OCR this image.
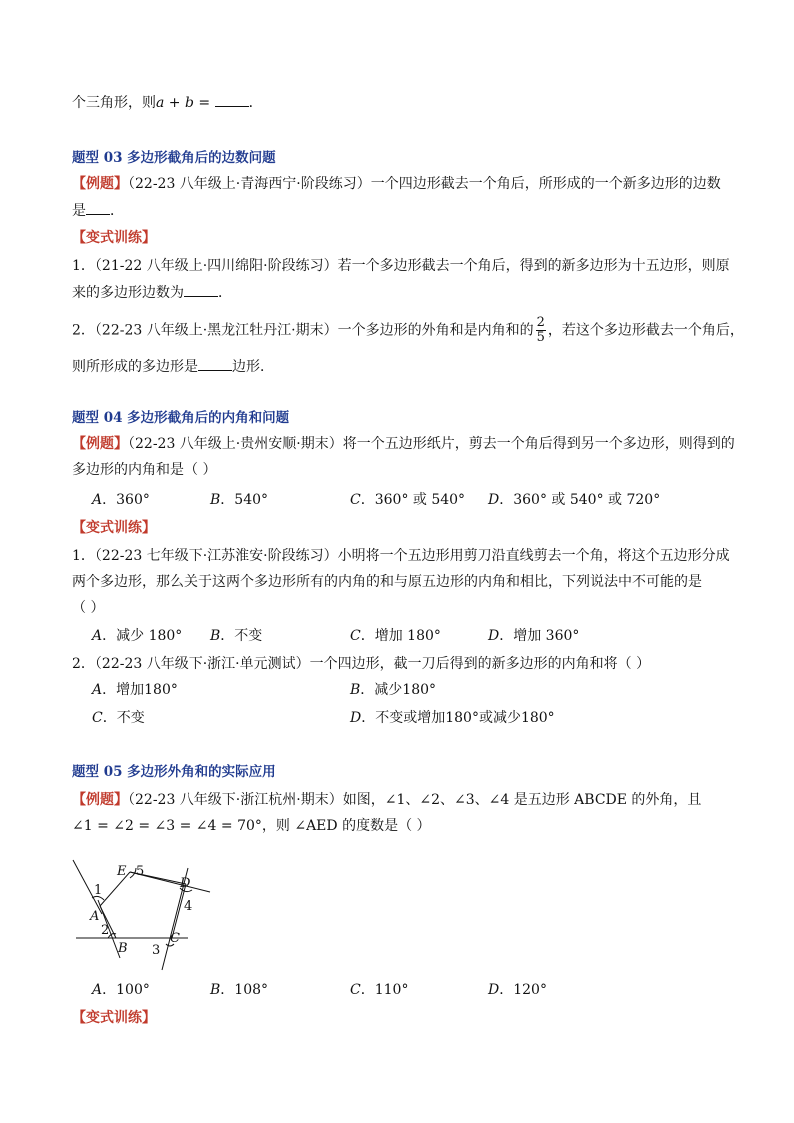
个三角形，则a + b = ．
题型 03 多边形截角后的边数问题
【例题】（22-23 八年级上·青海西宁·阶段练习）一个四边形截去一个角后，所形成的一个新多边形的边数
是 ．
【变式训练】
1．（21-22 八年级上·四川绵阳·阶段练习）若一个多边形截去一个角后，得到的新多边形为十五边形，则原
来的多边形边数为 ．
2．（22-23 八年级上·黑龙江牡丹江·期末）一个多边形的外角和是内角和的 $\frac{2}{5}$ ，若这个多边形截去一个角后，
则所形成的多边形是 边形．
题型 04 多边形截角后的内角和问题
【例题】（22-23 八年级上·贵州安顺·期末）将一个五边形纸片，剪去一个角后得到另一个多边形，则得到的
多边形的内角和是（ ）
A．360°	B．540°	C．360° 或 540° D．360° 或 540° 或 720°
【变式训练】
1．（22-23 七年级下·江苏淮安·阶段练习）小明将一个五边形用剪刀沿直线剪去一个角，将这个五边形分成
两个多边形，那么关于这两个多边形所有的内角的和与原五边形的内角和相比，下列说法中不可能的是
（ ）
A．减少 180° B．不变	C．增加 180°	D．增加 360°
2．（22-23 八年级下·浙江·单元测试）一个四边形，截一刀后得到的新多边形的内角和将（ ）
A．增加180°	B．减少180°
C．不变	D．不变或增加180°或减少180°
题型 05 多边形外角和的实际应用
【例题】（22-23 八年级下·浙江杭州·期末）如图，∠1、∠2、∠3、∠4 是五边形 ABCDE 的外角，且
∠1 = ∠2 = ∠3 = ∠4 = 70°，则 ∠AED 的度数是（ ）
E 5
D
4
1
A
2
B 3
C
A．100°	B．108°	C．110°	D．120°
【变式训练】
